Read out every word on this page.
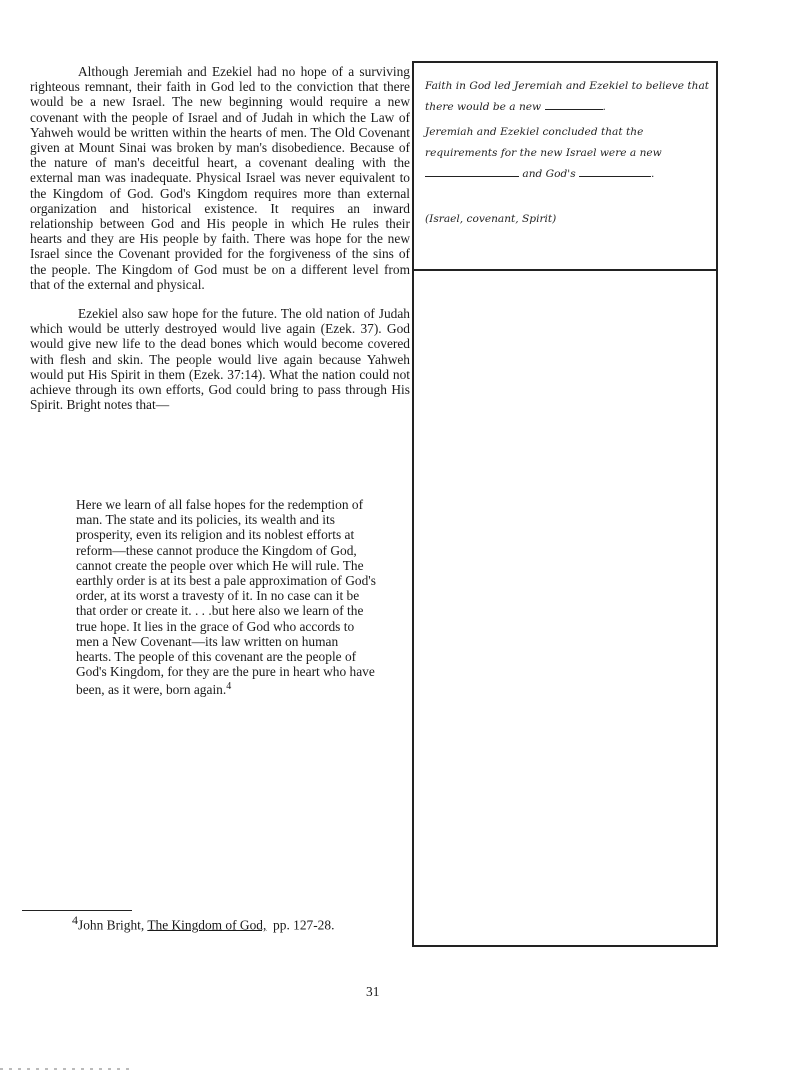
Although Jeremiah and Ezekiel had no hope of a surviving righteous remnant, their faith in God led to the conviction that there would be a new Israel. The new beginning would require a new covenant with the people of Israel and of Judah in which the Law of Yahweh would be written within the hearts of men. The Old Covenant given at Mount Sinai was broken by man's disobedience. Because of the nature of man's deceitful heart, a covenant dealing with the external man was inadequate. Physical Israel was never equivalent to the Kingdom of God. God's Kingdom requires more than external organization and historical existence. It requires an inward relationship between God and His people in which He rules their hearts and they are His people by faith. There was hope for the new Israel since the Covenant provided for the forgiveness of the sins of the people. The Kingdom of God must be on a different level from that of the external and physical.

Ezekiel also saw hope for the future. The old nation of Judah which would be utterly destroyed would live again (Ezek. 37). God would give new life to the dead bones which would become covered with flesh and skin. The people would live again because Yahweh would put His Spirit in them (Ezek. 37:14). What the nation could not achieve through its own efforts, God could bring to pass through His Spirit. Bright notes that—

Here we learn of all false hopes for the redemption of man. The state and its policies, its wealth and its prosperity, even its religion and its noblest efforts at reform—these cannot produce the Kingdom of God, cannot create the people over which He will rule. The earthly order is at its best a pale approximation of God's order, at its worst a travesty of it. In no case can it be that order or create it. . . .but here also we learn of the true hope. It lies in the grace of God who accords to men a New Covenant—its law written on human hearts. The people of this covenant are the people of God's Kingdom, for they are the pure in heart who have been, as it were, born again.$^4$
$^4$John Bright, The Kingdom of God, pp. 127-28.

Faith in God led Jeremiah and Ezekiel to believe that there would be a new	.

Jeremiah and Ezekiel concluded that the requirements for the new Israel were a new  and God's	.

(Israel, covenant, Spirit)
31
